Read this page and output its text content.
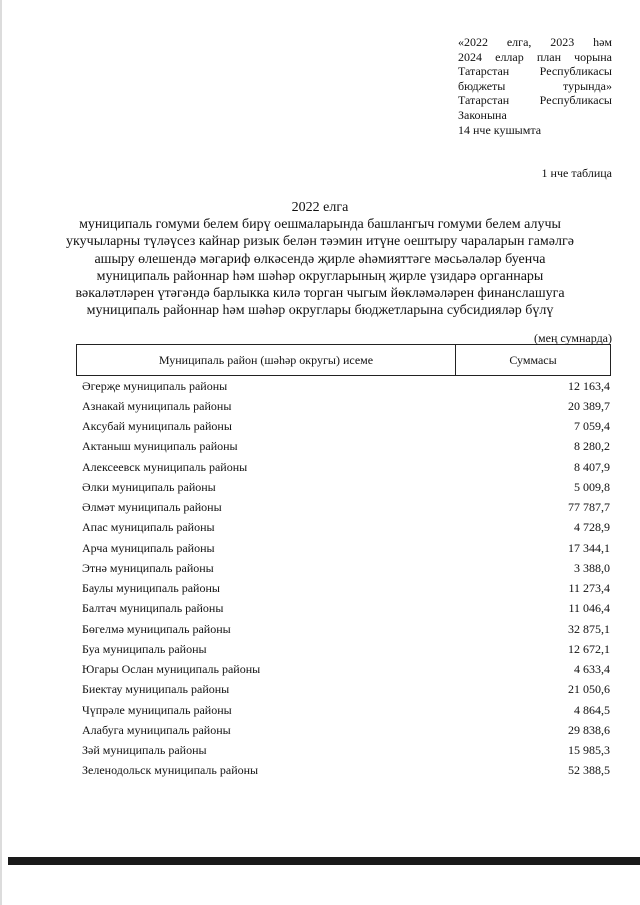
«2022 елга, 2023 һәм
2024 еллар план чорына
Татарстан Республикасы
бюджеты турында»
Татарстан Республикасы
Законына
14 нче кушымта
1 нче таблица
2022 елга
муниципаль гомуми белем бирү оешмаларында башлангыч гомуми белем алучы
укучыларны түләүсез кайнар ризык белән тәэмин итүне оештыру чараларын гамәлгә
ашыру өлешендә мәгариф өлкәсендә җирле әһәмияттәге мәсьәләләр буенча
муниципаль районнар һәм шәһәр округларының җирле үзидарә органнары
вәкаләтләрен үтәгәндә барлыкка килә торган чыгым йөкләмәләрен финанслашуга
муниципаль районнар һәм шәһәр округлары бюджетларына субсидияләр бүлү
(мең сумнарда)
Муниципаль район (шәһәр округы) исеме	Суммасы
Әгерҗе муниципаль районы	12 163,4
Азнакай муниципаль районы	20 389,7
Аксубай муниципаль районы	7 059,4
Актаныш муниципаль районы	8 280,2
Алексеевск муниципаль районы	8 407,9
Әлки муниципаль районы	5 009,8
Әлмәт муниципаль районы	77 787,7
Апас муниципаль районы	4 728,9
Арча муниципаль районы	17 344,1
Этнә муниципаль районы	3 388,0
Баулы муниципаль районы	11 273,4
Балтач муниципаль районы	11 046,4
Бөгелмә муниципаль районы	32 875,1
Буа муниципаль районы	12 672,1
Югары Ослан муниципаль районы	4 633,4
Биектау муниципаль районы	21 050,6
Чүпрәле муниципаль районы	4 864,5
Алабуга муниципаль районы	29 838,6
Зәй муниципаль районы	15 985,3
Зеленодольск муниципаль районы	52 388,5
